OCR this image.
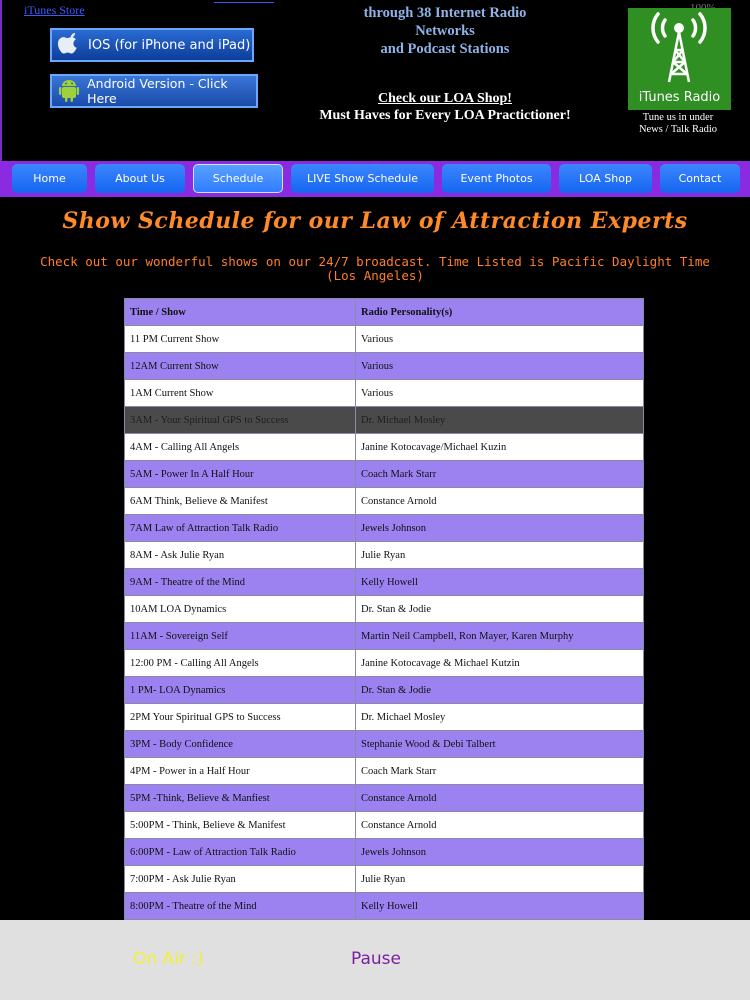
iTunes Store
IOS (for iPhone and iPad)
Android Version - Click Here
through 38 Internet Radio
Networks
and Podcast Stations
Check our LOA Shop!
Must Haves for Every LOA Practictioner!
iTunes Radio
Tune us in under
News / Talk Radio
Home	About Us	Schedule	LIVE Show Schedule	Event Photos	LOA Shop	Contact
Show Schedule for our Law of Attraction Experts
Check out our wonderful shows on our 24/7 broadcast. Time Listed is Pacific Daylight Time (Los Angeles)
Time / Show	Radio Personality(s)
11 PM Current Show	Various
12AM Current Show	Various
1AM Current Show	Various
3AM - Your Spiritual GPS to Success	Dr. Michael Mosley
4AM - Calling All Angels	Janine Kotocavage/Michael Kuzin
5AM - Power In A Half Hour	Coach Mark Starr
6AM Think, Believe & Manifest	Constance Arnold
7AM Law of Attraction Talk Radio	Jewels Johnson
8AM - Ask Julie Ryan	Julie Ryan
9AM - Theatre of the Mind	Kelly Howell
10AM LOA Dynamics	Dr. Stan & Jodie
11AM - Sovereign Self	Martin Neil Campbell, Ron Mayer, Karen Murphy
12:00 PM - Calling All Angels	Janine Kotocavage & Michael Kutzin
1 PM- LOA Dynamics	Dr. Stan & Jodie
2PM Your Spiritual GPS to Success	Dr. Michael Mosley
3PM - Body Confidence	Stephanie Wood & Debi Talbert
4PM - Power in a Half Hour	Coach Mark Starr
5PM -Think, Believe & Manfiest	Constance Arnold
5:00PM - Think, Believe & Manifest	Constance Arnold
6:00PM - Law of Attraction Talk Radio	Jewels Johnson
7:00PM - Ask Julie Ryan	Julie Ryan
8:00PM - Theatre of the Mind	Kelly Howell

On Air :)	Pause
